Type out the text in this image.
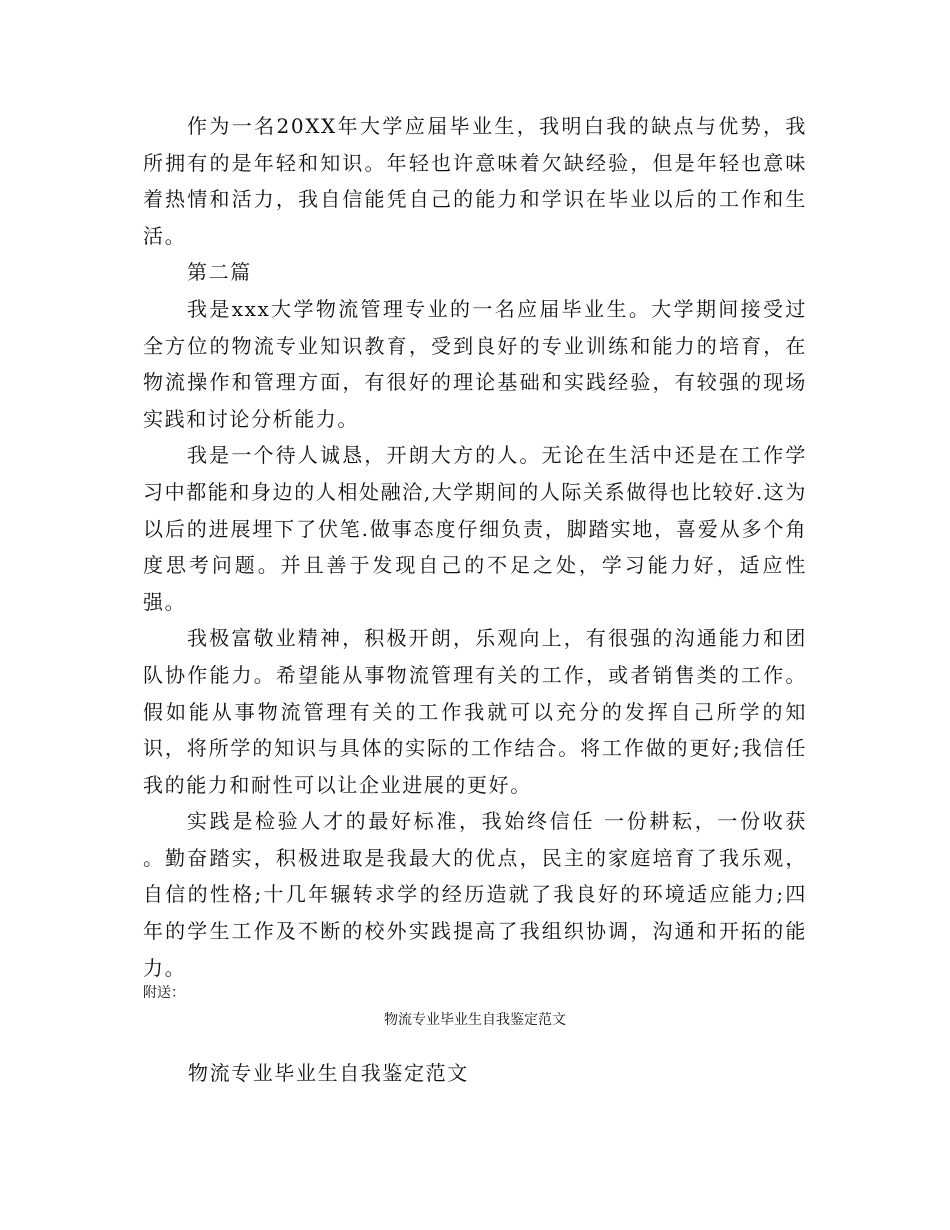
作为一名20XX年大学应届毕业生，我明白我的缺点与优势，我所拥有的是年轻和知识。年轻也许意味着欠缺经验，但是年轻也意味着热情和活力，我自信能凭自己的能力和学识在毕业以后的工作和生活。

第二篇

我是xxx大学物流管理专业的一名应届毕业生。大学期间接受过全方位的物流专业知识教育，受到良好的专业训练和能力的培育，在物流操作和管理方面，有很好的理论基础和实践经验，有较强的现场实践和讨论分析能力。

我是一个待人诚恳，开朗大方的人。无论在生活中还是在工作学习中都能和身边的人相处融洽,大学期间的人际关系做得也比较好.这为以后的进展埋下了伏笔.做事态度仔细负责，脚踏实地，喜爱从多个角度思考问题。并且善于发现自己的不足之处，学习能力好，适应性强。

我极富敬业精神，积极开朗，乐观向上，有很强的沟通能力和团队协作能力。希望能从事物流管理有关的工作，或者销售类的工作。假如能从事物流管理有关的工作我就可以充分的发挥自己所学的知识，将所学的知识与具体的实际的工作结合。将工作做的更好;我信任我的能力和耐性可以让企业进展的更好。

实践是检验人才的最好标准，我始终信任 一份耕耘，一份收获 。勤奋踏实，积极进取是我最大的优点，民主的家庭培育了我乐观，自信的性格;十几年辗转求学的经历造就了我良好的环境适应能力;四年的学生工作及不断的校外实践提高了我组织协调，沟通和开拓的能力。

附送：
物流专业毕业生自我鉴定范文
物流专业毕业生自我鉴定范文
